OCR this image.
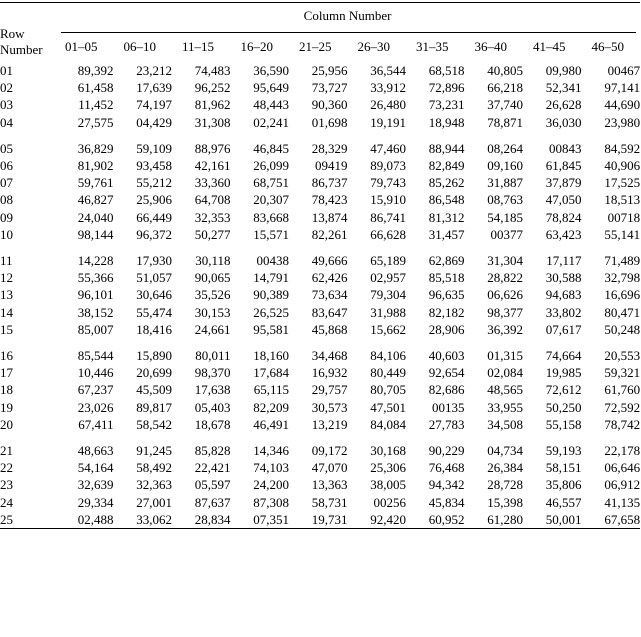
Row
Number	Column Number									

	01–05	06–10	11–15	16–20	21–25	26–30	31–35	36–40	41–45	46–50
01	89,392	23,212	74,483	36,590	25,956	36,544	68,518	40,805	09,980	00467
02	61,458	17,639	96,252	95,649	73,727	33,912	72,896	66,218	52,341	97,141
03	11,452	74,197	81,962	48,443	90,360	26,480	73,231	37,740	26,628	44,690
04	27,575	04,429	31,308	02,241	01,698	19,191	18,948	78,871	36,030	23,980

05	36,829	59,109	88,976	46,845	28,329	47,460	88,944	08,264	00843	84,592
06	81,902	93,458	42,161	26,099	09419	89,073	82,849	09,160	61,845	40,906
07	59,761	55,212	33,360	68,751	86,737	79,743	85,262	31,887	37,879	17,525
08	46,827	25,906	64,708	20,307	78,423	15,910	86,548	08,763	47,050	18,513
09	24,040	66,449	32,353	83,668	13,874	86,741	81,312	54,185	78,824	00718
10	98,144	96,372	50,277	15,571	82,261	66,628	31,457	00377	63,423	55,141

11	14,228	17,930	30,118	00438	49,666	65,189	62,869	31,304	17,117	71,489
12	55,366	51,057	90,065	14,791	62,426	02,957	85,518	28,822	30,588	32,798
13	96,101	30,646	35,526	90,389	73,634	79,304	96,635	06,626	94,683	16,696
14	38,152	55,474	30,153	26,525	83,647	31,988	82,182	98,377	33,802	80,471
15	85,007	18,416	24,661	95,581	45,868	15,662	28,906	36,392	07,617	50,248

16	85,544	15,890	80,011	18,160	34,468	84,106	40,603	01,315	74,664	20,553
17	10,446	20,699	98,370	17,684	16,932	80,449	92,654	02,084	19,985	59,321
18	67,237	45,509	17,638	65,115	29,757	80,705	82,686	48,565	72,612	61,760
19	23,026	89,817	05,403	82,209	30,573	47,501	00135	33,955	50,250	72,592
20	67,411	58,542	18,678	46,491	13,219	84,084	27,783	34,508	55,158	78,742

21	48,663	91,245	85,828	14,346	09,172	30,168	90,229	04,734	59,193	22,178
22	54,164	58,492	22,421	74,103	47,070	25,306	76,468	26,384	58,151	06,646
23	32,639	32,363	05,597	24,200	13,363	38,005	94,342	28,728	35,806	06,912
24	29,334	27,001	87,637	87,308	58,731	00256	45,834	15,398	46,557	41,135
25	02,488	33,062	28,834	07,351	19,731	92,420	60,952	61,280	50,001	67,658
